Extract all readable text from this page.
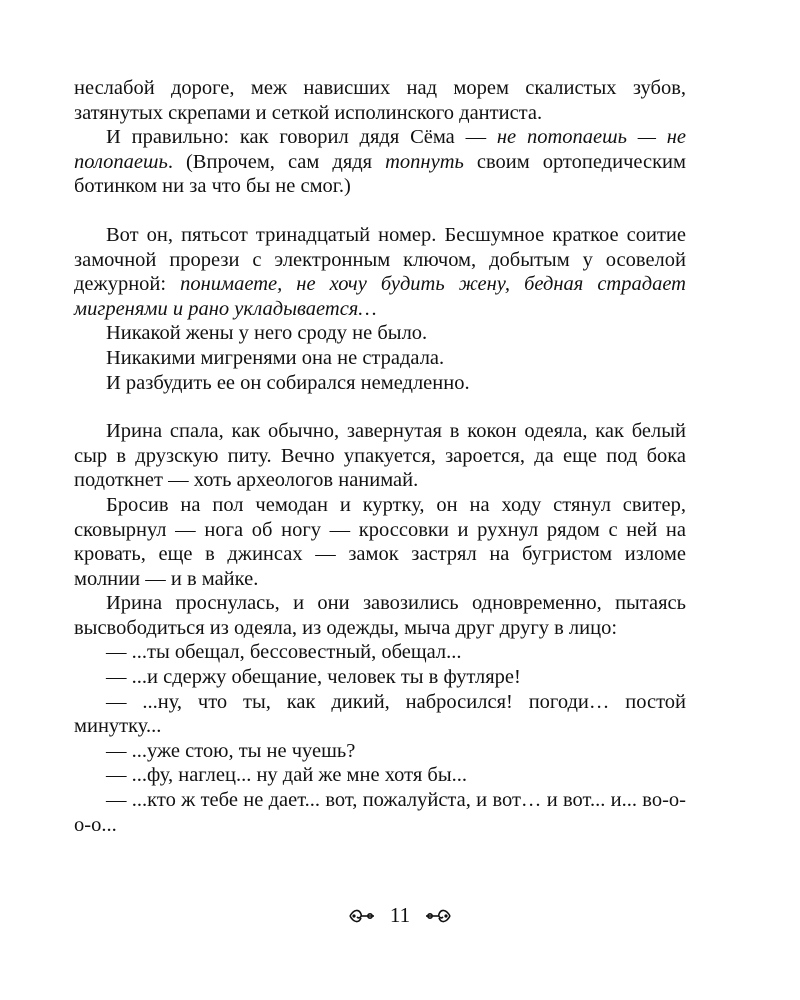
неслабой дороге, меж нависших над морем скалистых зубов, затянутых скрепами и сеткой исполинского дантиста.

И правильно: как говорил дядя Сёма — не потопаешь — не полопаешь. (Впрочем, сам дядя топнуть своим ортопедическим ботинком ни за что бы не смог.)

Вот он, пятьсот тринадцатый номер. Бесшумное краткое соитие замочной прорези с электронным ключом, добытым у осовелой дежурной: понимаете, не хочу будить жену, бедная страдает мигренями и рано укладывается…

Никакой жены у него сроду не было.

Никакими мигренями она не страдала.

И разбудить ее он собирался немедленно.

Ирина спала, как обычно, завернутая в кокон одеяла, как белый сыр в друзскую питу. Вечно упакуется, зароется, да еще под бока подоткнет — хоть археологов нанимай.

Бросив на пол чемодан и куртку, он на ходу стянул свитер, сковырнул — нога об ногу — кроссовки и рухнул рядом с ней на кровать, еще в джинсах — замок застрял на бугристом изломе молнии — и в майке.

Ирина проснулась, и они завозились одновременно, пытаясь высвободиться из одеяла, из одежды, мыча друг другу в лицо:

— ...ты обещал, бессовестный, обещал...

— ...и сдержу обещание, человек ты в футляре!

— ...ну, что ты, как дикий, набросился! погоди… постой минутку...

— ...уже стою, ты не чуешь?

— ...фу, наглец... ну дай же мне хотя бы...

— ...кто ж тебе не дает... вот, пожалуйста, и вот… и вот... и... во-о-о-о...

11
